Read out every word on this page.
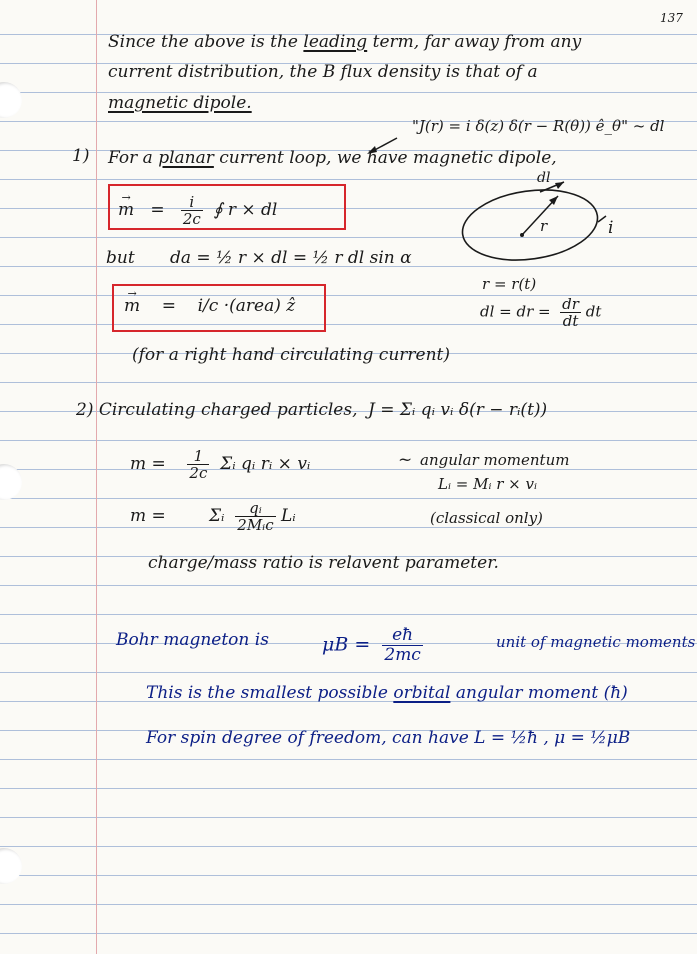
137
Since the above is the leading term, far away from any
current distribution, the B flux density is that of a
magnetic dipole.
"J(r) = i δ(z) δ(r − R(θ)) ê_θ" ~ dl
1) For a planar current loop, we have magnetic dipole,
→ $m = \frac{i}{2c}$ ∮ r × dl
but da = ½ r × dl = ½ r dl sin α
→ m = i/c ·(area) ẑ
(for a right hand circulating current)
dl
r	i
r = r(t)
dl = dr = $\frac{dr}{dt}$ dt
2) Circulating charged particles, J = Σᵢ qᵢ vᵢ δ(r − rᵢ(t))
$m = \frac{1}{2c}$ Σᵢ qᵢ rᵢ × vᵢ	~ angular momentum
Lᵢ = Mᵢ r × vᵢ
m =	Σᵢ $\frac{\text{qᵢ}}{\text{2Mᵢc}}$ Lᵢ	(classical only)
charge/mass ratio is relavent parameter.
Bohr magneton is	$\mu B = \frac{eħ}{2mc}$	unit of magnetic moments
This is the smallest possible orbital angular moment (ħ)
For spin degree of freedom, can have L = ½ħ , μ = ½μB
